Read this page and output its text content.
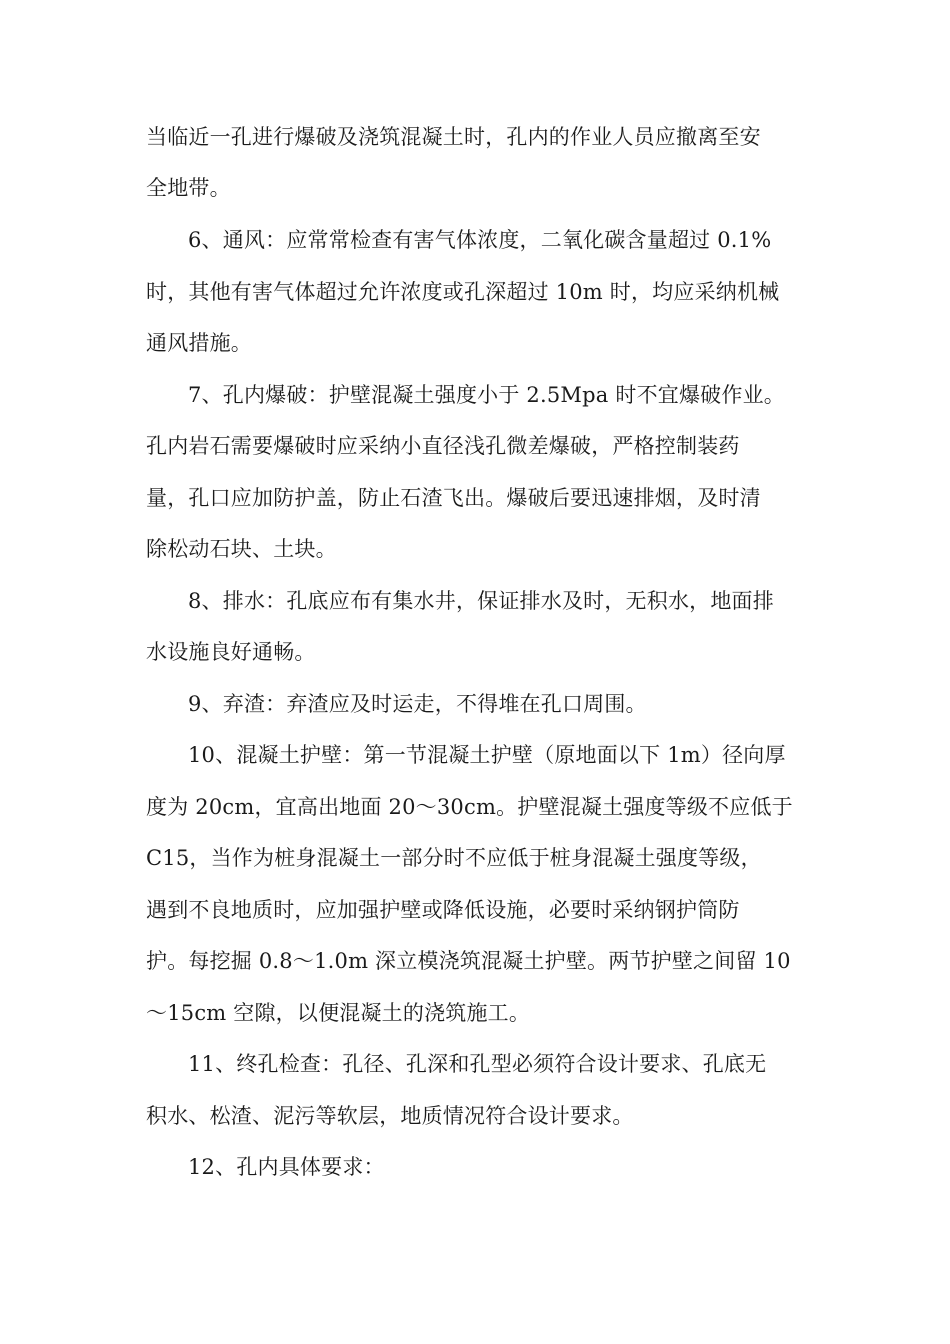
当临近一孔进行爆破及浇筑混凝土时，孔内的作业人员应撤离至安
全地带。
6、通风：应常常检查有害气体浓度，二氧化碳含量超过 0.1%
时，其他有害气体超过允许浓度或孔深超过 10m 时，均应采纳机械
通风措施。
7、孔内爆破：护壁混凝土强度小于 2.5Mpa 时不宜爆破作业。
孔内岩石需要爆破时应采纳小直径浅孔微差爆破，严格控制装药
量，孔口应加防护盖，防止石渣飞出。爆破后要迅速排烟，及时清
除松动石块、土块。
8、排水：孔底应布有集水井，保证排水及时，无积水，地面排
水设施良好通畅。
9、弃渣：弃渣应及时运走，不得堆在孔口周围。
10、混凝土护壁：第一节混凝土护壁（原地面以下 1m）径向厚
度为 20cm，宜高出地面 20～30cm。护壁混凝土强度等级不应低于
C15，当作为桩身混凝土一部分时不应低于桩身混凝土强度等级，
遇到不良地质时，应加强护壁或降低设施，必要时采纳钢护筒防
护。每挖掘 0.8～1.0m 深立模浇筑混凝土护壁。两节护壁之间留 10
～15cm 空隙，以便混凝土的浇筑施工。
11、终孔检查：孔径、孔深和孔型必须符合设计要求、孔底无
积水、松渣、泥污等软层，地质情况符合设计要求。
12、孔内具体要求：
